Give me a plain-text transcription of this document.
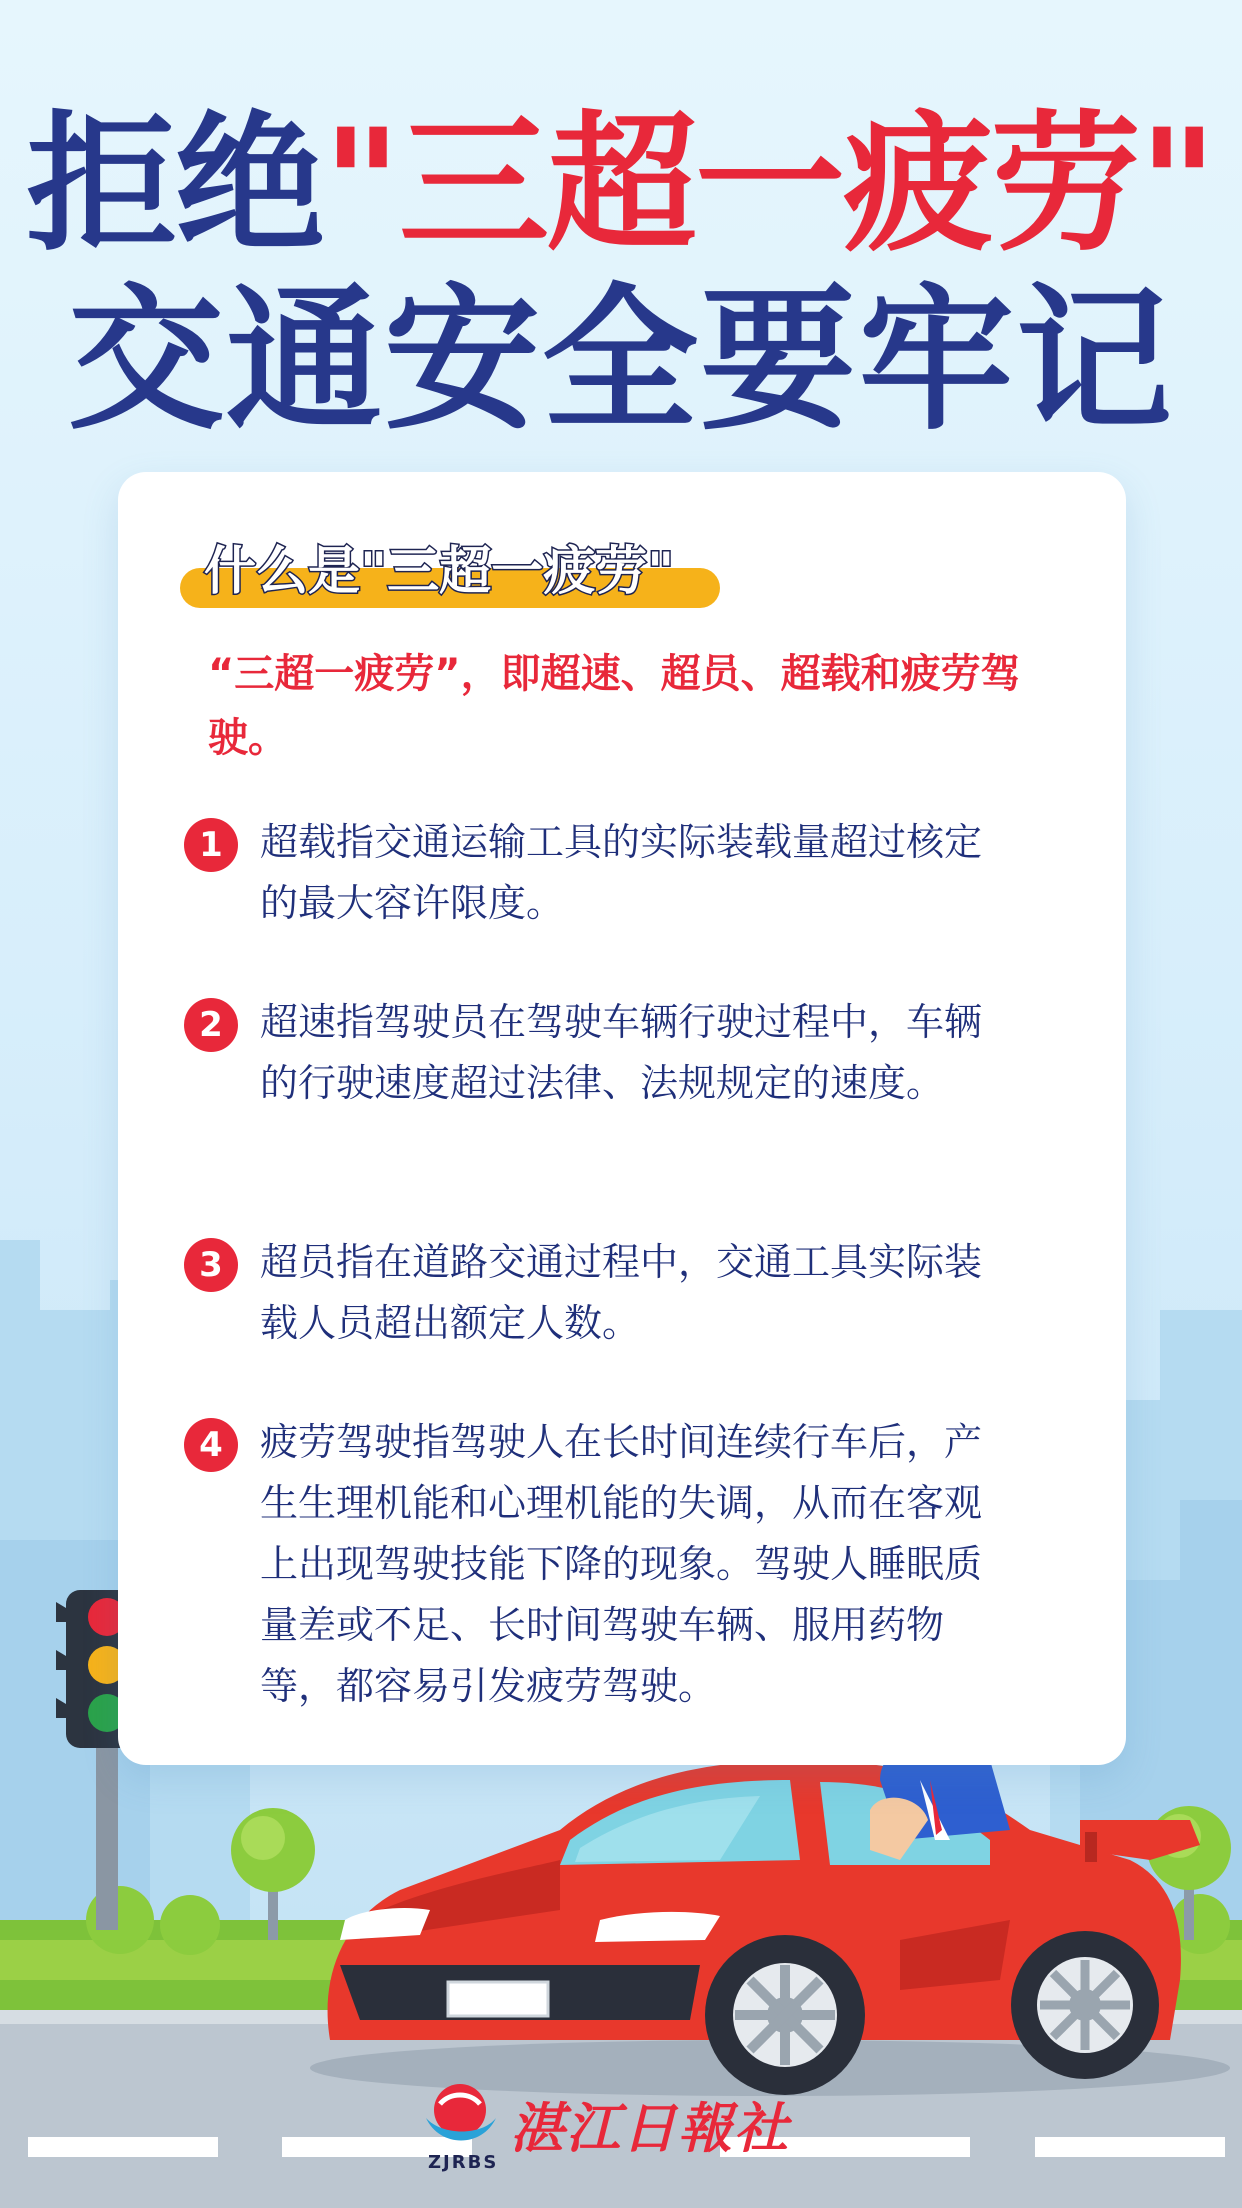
拒绝"三超一疲劳"
交通安全要牢记
什么是"三超一疲劳"
“三超一疲劳”，即超速、超员、超载和疲劳驾驶。
1 超载指交通运输工具的实际装载量超过核定的最大容许限度。
2 超速指驾驶员在驾驶车辆行驶过程中，车辆的行驶速度超过法律、法规规定的速度。
3 超员指在道路交通过程中，交通工具实际装载人员超出额定人数。
4 疲劳驾驶指驾驶人在长时间连续行车后，产生生理机能和心理机能的失调，从而在客观上出现驾驶技能下降的现象。驾驶人睡眠质量差或不足、长时间驾驶车辆、服用药物等，都容易引发疲劳驾驶。
湛江日報社
ZJRBS
